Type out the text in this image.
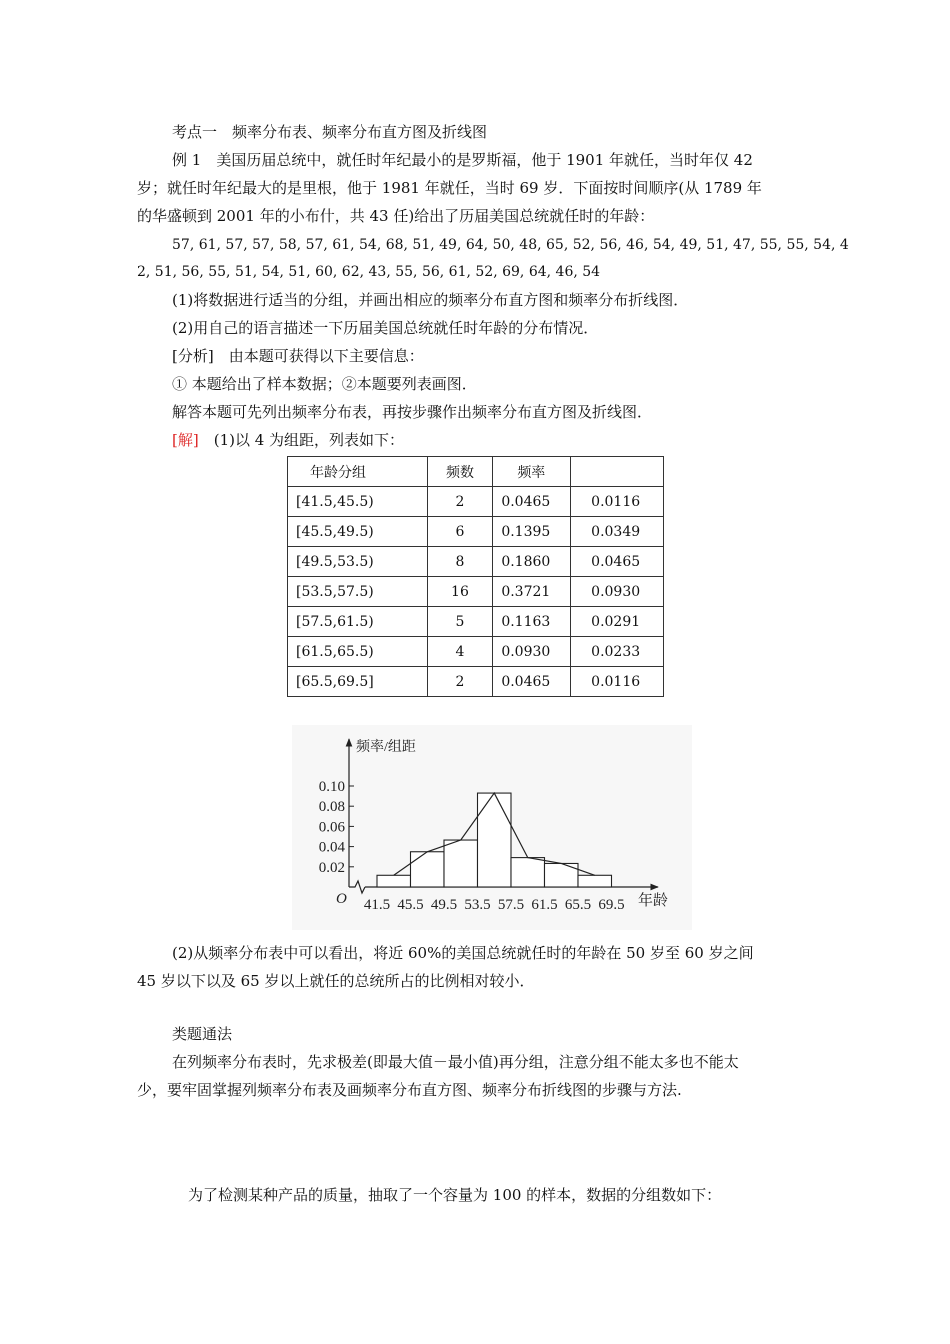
考点一　频率分布表、频率分布直方图及折线图
例 1　 美国历届总统中，就任时年纪最小的是罗斯福，他于 1901 年就任，当时年仅 42
岁；就任时年纪最大的是里根，他于 1981 年就任，当时 69 岁．下面按时间顺序(从 1789 年
的华盛顿到 2001 年的小布什，共 43 任)给出了历届美国总统就任时的年龄：
57, 61, 57, 57, 58, 57, 61, 54, 68, 51, 49, 64, 50, 48, 65, 52, 56, 46, 54, 49, 51, 47, 55, 55, 54, 4
2, 51, 56, 55, 51, 54, 51, 60, 62, 43, 55, 56, 61, 52, 69, 64, 46, 54
(1)将数据进行适当的分组，并画出相应的频率分布直方图和频率分布折线图．
(2)用自己的语言描述一下历届美国总统就任时年龄的分布情况．
[分析]　 由本题可获得以下主要信息：
① 本题给出了样本数据；②本题要列表画图．
解答本题可先列出频率分布表，再按步骤作出频率分布直方图及折线图．
[解]　 (1)以 4 为组距，列表如下：
年龄分组	频数	频率	
[41.5,45.5)	2	0.0465	0.0116
[45.5,49.5)	6	0.1395	0.0349
[49.5,53.5)	8	0.1860	0.0465
[53.5,57.5)	16	0.3721	0.0930
[57.5,61.5)	5	0.1163	0.0291
[61.5,65.5)	4	0.0930	0.0233
[65.5,69.5]	2	0.0465	0.0116
频率/组距
年龄
O
0.02
0.04
0.06
0.08
0.10
41.5 45.5 49.5 53.5 57.5 61.5 65.5 69.5
(2)从频率分布表中可以看出，将近 60%的美国总统就任时的年龄在 50 岁至 60 岁之间
45 岁以下以及 65 岁以上就任的总统所占的比例相对较小．
类题通法
在列频率分布表时，先求极差(即最大值－最小值)再分组，注意分组不能太多也不能太
少，要牢固掌握列频率分布表及画频率分布直方图、频率分布折线图的步骤与方法.
为了检测某种产品的质量，抽取了一个容量为 100 的样本，数据的分组数如下：
